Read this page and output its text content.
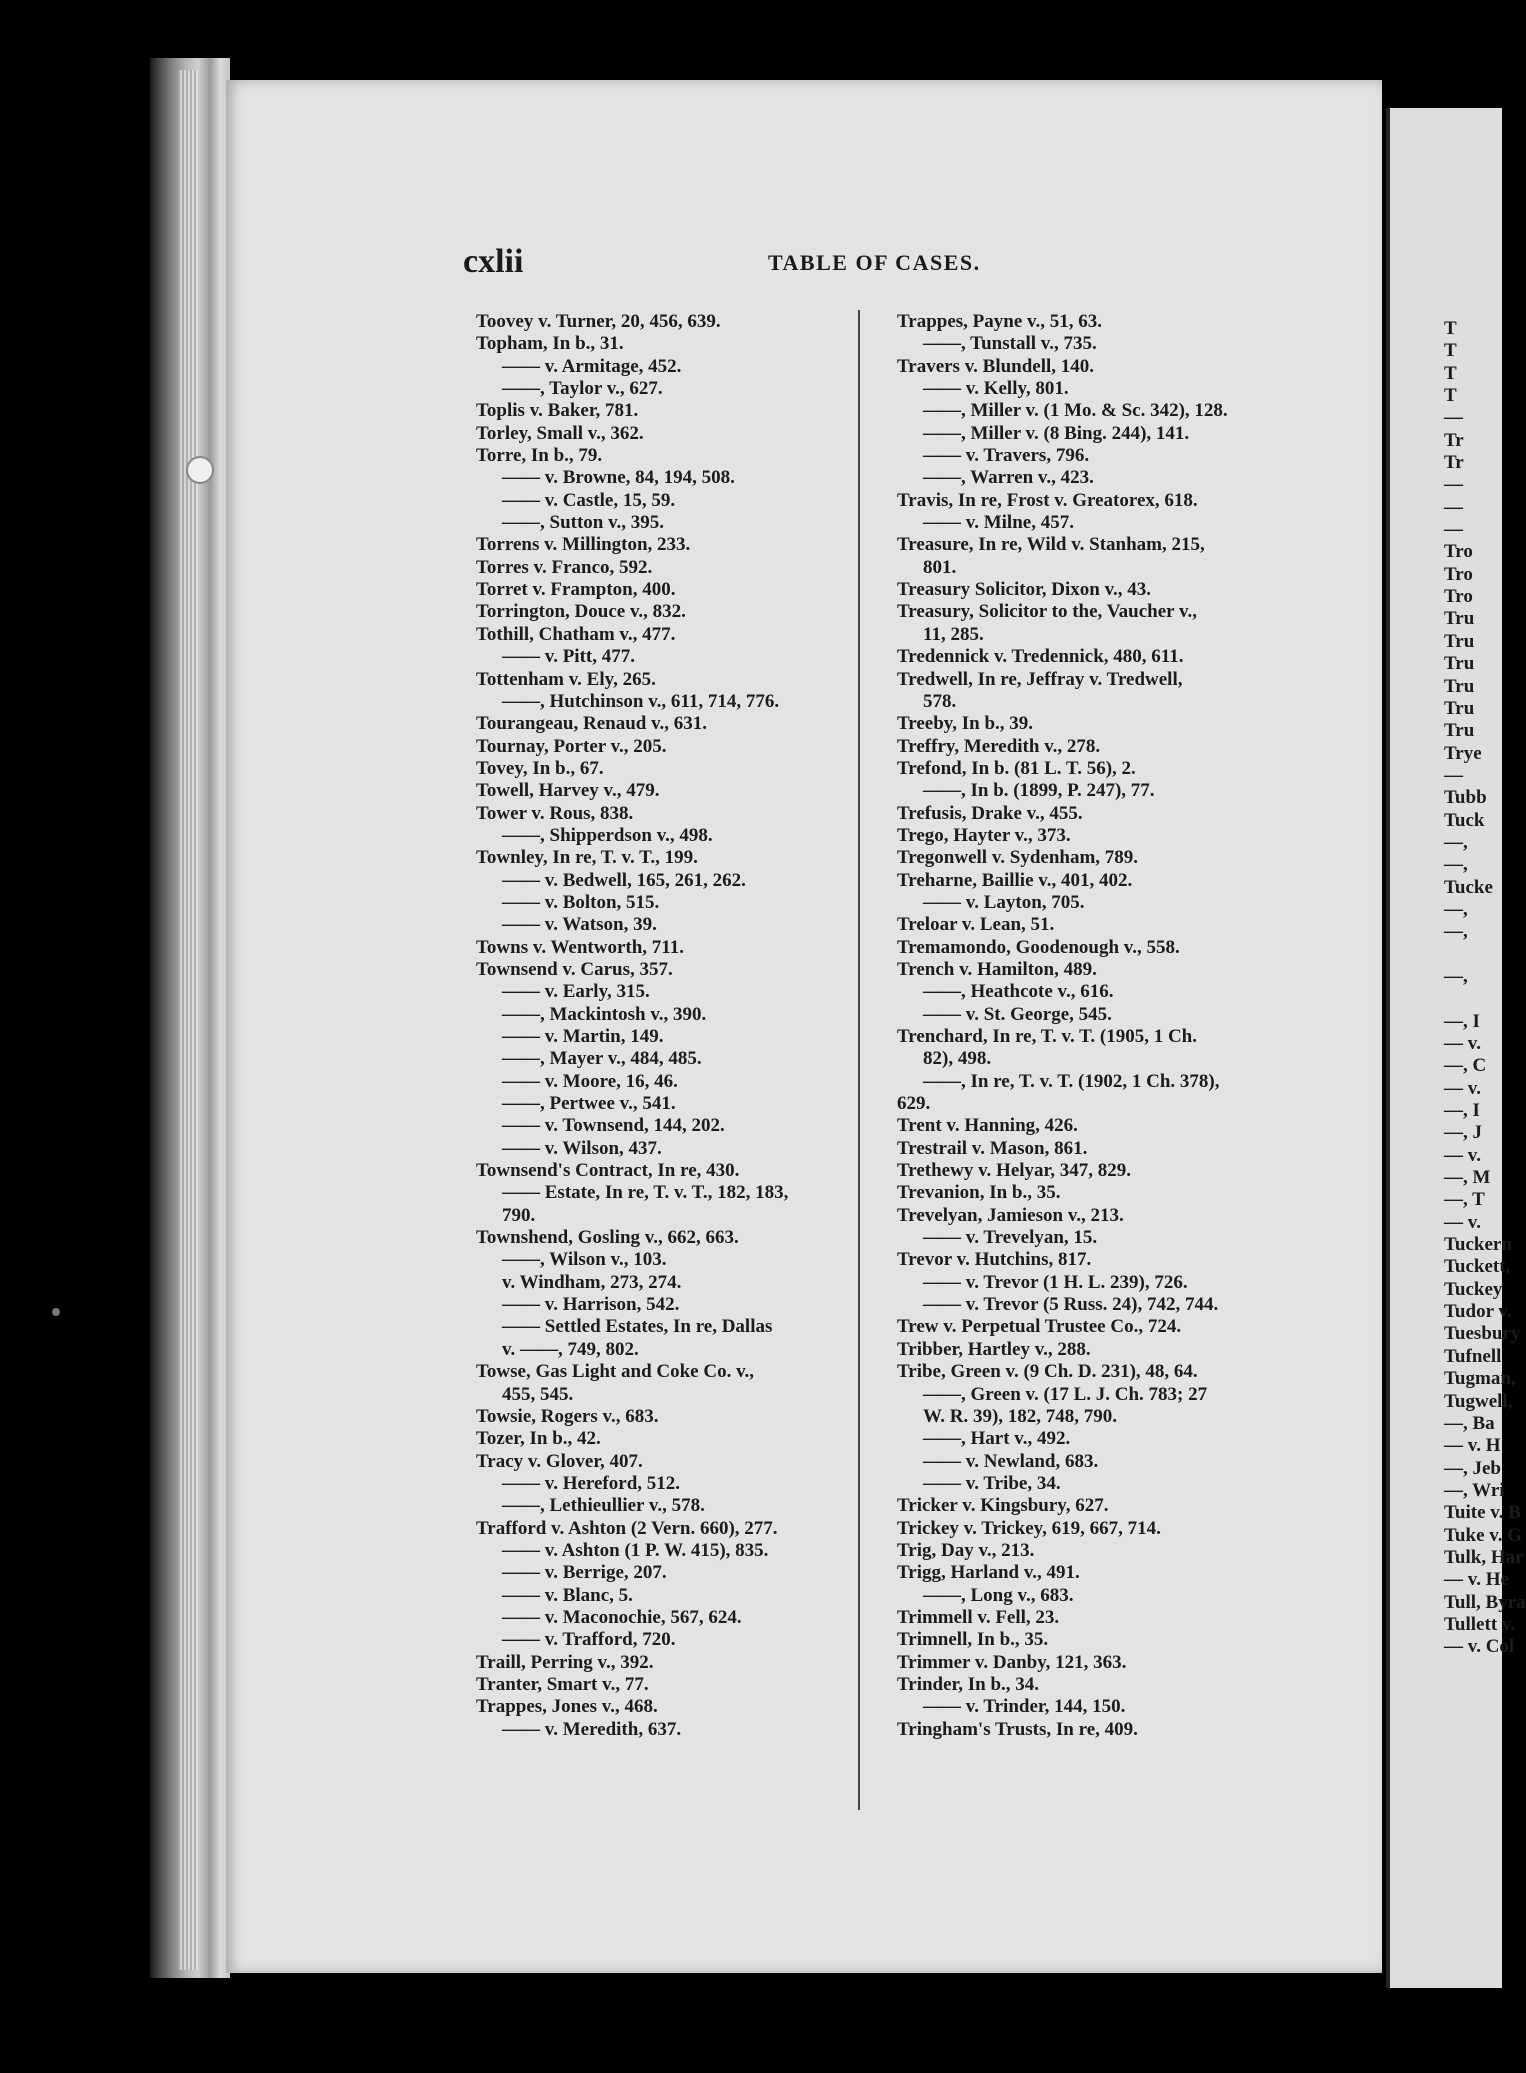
cxlii	TABLE OF CASES.
Toovey v. Turner, 20, 456, 639.
Topham, In b., 31.
—— v. Armitage, 452.
——, Taylor v., 627.
Toplis v. Baker, 781.
Torley, Small v., 362.
Torre, In b., 79.
—— v. Browne, 84, 194, 508.
—— v. Castle, 15, 59.
——, Sutton v., 395.
Torrens v. Millington, 233.
Torres v. Franco, 592.
Torret v. Frampton, 400.
Torrington, Douce v., 832.
Tothill, Chatham v., 477.
—— v. Pitt, 477.
Tottenham v. Ely, 265.
——, Hutchinson v., 611, 714, 776.
Tourangeau, Renaud v., 631.
Tournay, Porter v., 205.
Tovey, In b., 67.
Towell, Harvey v., 479.
Tower v. Rous, 838.
——, Shipperdson v., 498.
Townley, In re, T. v. T., 199.
—— v. Bedwell, 165, 261, 262.
—— v. Bolton, 515.
—— v. Watson, 39.
Towns v. Wentworth, 711.
Townsend v. Carus, 357.
—— v. Early, 315.
——, Mackintosh v., 390.
—— v. Martin, 149.
——, Mayer v., 484, 485.
—— v. Moore, 16, 46.
——, Pertwee v., 541.
—— v. Townsend, 144, 202.
—— v. Wilson, 437.
Townsend's Contract, In re, 430.
—— Estate, In re, T. v. T., 182, 183,
790.
Townshend, Gosling v., 662, 663.
——, Wilson v., 103.
v. Windham, 273, 274.
—— v. Harrison, 542.
—— Settled Estates, In re, Dallas
v. ——, 749, 802.
Towse, Gas Light and Coke Co. v.,
455, 545.
Towsie, Rogers v., 683.
Tozer, In b., 42.
Tracy v. Glover, 407.
—— v. Hereford, 512.
——, Lethieullier v., 578.
Trafford v. Ashton (2 Vern. 660), 277.
—— v. Ashton (1 P. W. 415), 835.
—— v. Berrige, 207.
—— v. Blanc, 5.
—— v. Maconochie, 567, 624.
—— v. Trafford, 720.
Traill, Perring v., 392.
Tranter, Smart v., 77.
Trappes, Jones v., 468.
—— v. Meredith, 637.
Trappes, Payne v., 51, 63.
——, Tunstall v., 735.
Travers v. Blundell, 140.
—— v. Kelly, 801.
——, Miller v. (1 Mo. & Sc. 342), 128.
——, Miller v. (8 Bing. 244), 141.
—— v. Travers, 796.
——, Warren v., 423.
Travis, In re, Frost v. Greatorex, 618.
—— v. Milne, 457.
Treasure, In re, Wild v. Stanham, 215,
801.
Treasury Solicitor, Dixon v., 43.
Treasury, Solicitor to the, Vaucher v.,
11, 285.
Tredennick v. Tredennick, 480, 611.
Tredwell, In re, Jeffray v. Tredwell,
578.
Treeby, In b., 39.
Treffry, Meredith v., 278.
Trefond, In b. (81 L. T. 56), 2.
——, In b. (1899, P. 247), 77.
Trefusis, Drake v., 455.
Trego, Hayter v., 373.
Tregonwell v. Sydenham, 789.
Treharne, Baillie v., 401, 402.
—— v. Layton, 705.
Treloar v. Lean, 51.
Tremamondo, Goodenough v., 558.
Trench v. Hamilton, 489.
——, Heathcote v., 616.
—— v. St. George, 545.
Trenchard, In re, T. v. T. (1905, 1 Ch.
82), 498.
——, In re, T. v. T. (1902, 1 Ch. 378),
629.
Trent v. Hanning, 426.
Trestrail v. Mason, 861.
Trethewy v. Helyar, 347, 829.
Trevanion, In b., 35.
Trevelyan, Jamieson v., 213.
—— v. Trevelyan, 15.
Trevor v. Hutchins, 817.
—— v. Trevor (1 H. L. 239), 726.
—— v. Trevor (5 Russ. 24), 742, 744.
Trew v. Perpetual Trustee Co., 724.
Tribber, Hartley v., 288.
Tribe, Green v. (9 Ch. D. 231), 48, 64.
——, Green v. (17 L. J. Ch. 783; 27
W. R. 39), 182, 748, 790.
——, Hart v., 492.
—— v. Newland, 683.
—— v. Tribe, 34.
Tricker v. Kingsbury, 627.
Trickey v. Trickey, 619, 667, 714.
Trig, Day v., 213.
Trigg, Harland v., 491.
——, Long v., 683.
Trimmell v. Fell, 23.
Trimnell, In b., 35.
Trimmer v. Danby, 121, 363.
Trinder, In b., 34.
—— v. Trinder, 144, 150.
Tringham's Trusts, In re, 409.
T
T
T
T
—
Tr
Tr
—
—
—
Tro
Tro
Tro
Tru
Tru
Tru
Tru
Tru
Tru
Trye
—
Tubb
Tuck
—,
—,
Tucke
—,
—,

—,

—, I
— v.
—, C
— v.
—, I
—, J
— v.
—, M
—, T
— v.
Tuckern
Tuckett,
Tuckey
Tudor v.
Tuesbury
Tufnell
Tugman,
Tugwell,
—, Ba
— v. H
—, Jeb
—, Wri
Tuite v. B
Tuke v. G
Tulk, Har
— v. He
Tull, Byra
Tullett v.
— v. Col
